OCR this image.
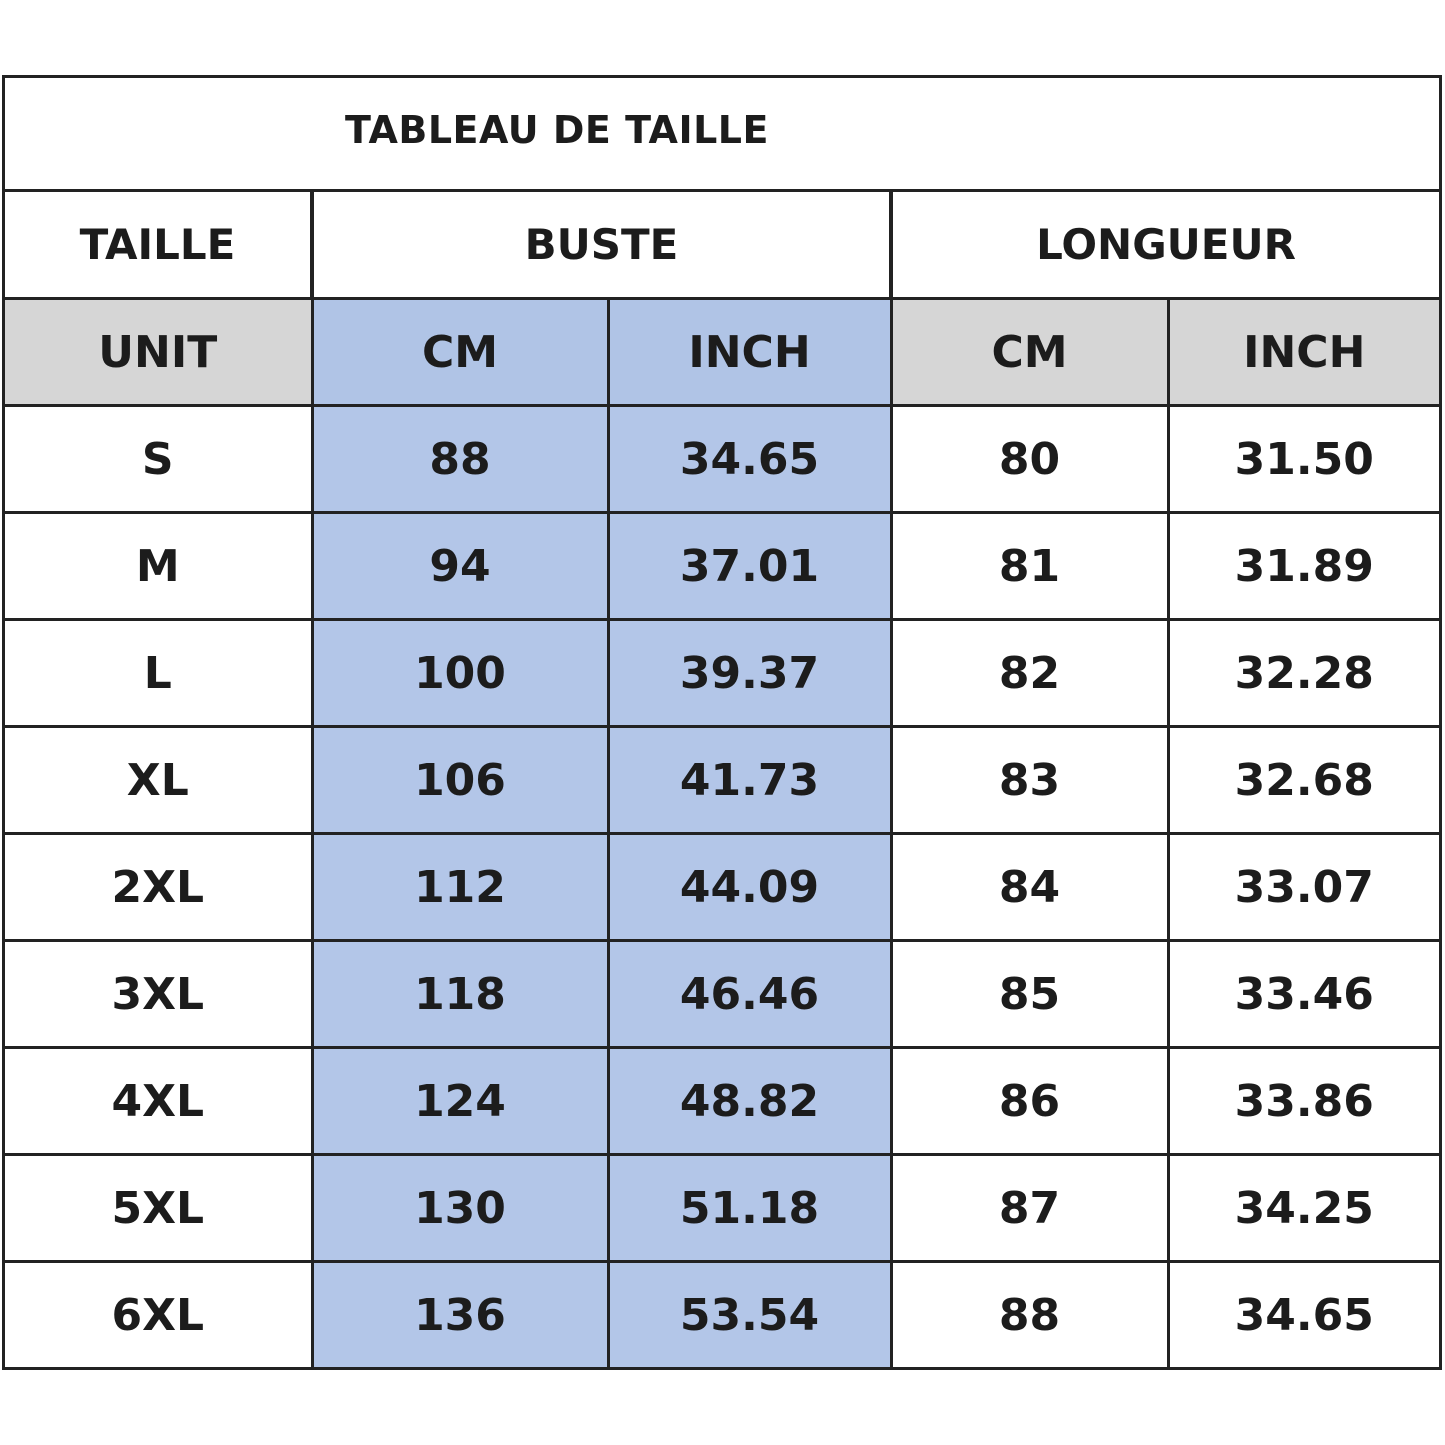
TABLEAU DE TAILLE
TAILLE	BUSTE		LONGUEUR	
UNIT	CM	INCH	CM	INCH
S	88	34.65	80	31.50
M	94	37.01	81	31.89
L	100	39.37	82	32.28
XL	106	41.73	83	32.68
2XL	112	44.09	84	33.07
3XL	118	46.46	85	33.46
4XL	124	48.82	86	33.86
5XL	130	51.18	87	34.25
6XL	136	53.54	88	34.65
